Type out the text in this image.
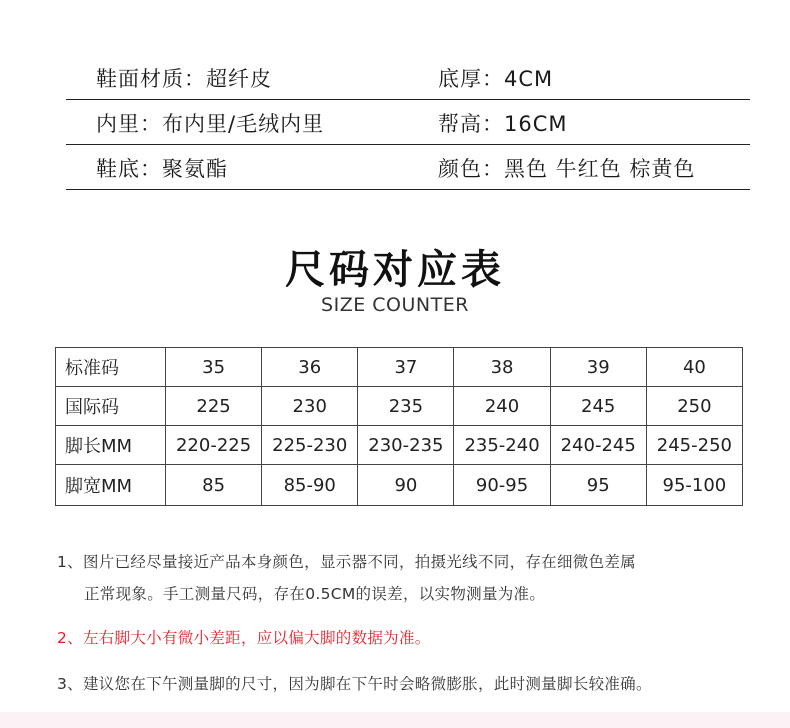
鞋面材质：超纤皮	底厚：4CM
内里：布内里/毛绒内里	帮高：16CM
鞋底：聚氨酯	颜色：黑色 牛红色 棕黄色
尺码对应表
SIZE COUNTER
标准码	35	36	37	38	39	40
国际码	225	230	235	240	245	250
脚长MM	220-225	225-230	230-235	235-240	240-245	245-250
脚宽MM	85	85-90	90	90-95	95	95-100
1、图片已经尽量接近产品本身颜色，显示器不同，拍摄光线不同，存在细微色差属
正常现象。手工测量尺码，存在0.5CM的误差，以实物测量为准。
2、左右脚大小有微小差距，应以偏大脚的数据为准。
3、建议您在下午测量脚的尺寸，因为脚在下午时会略微膨胀，此时测量脚长较准确。
